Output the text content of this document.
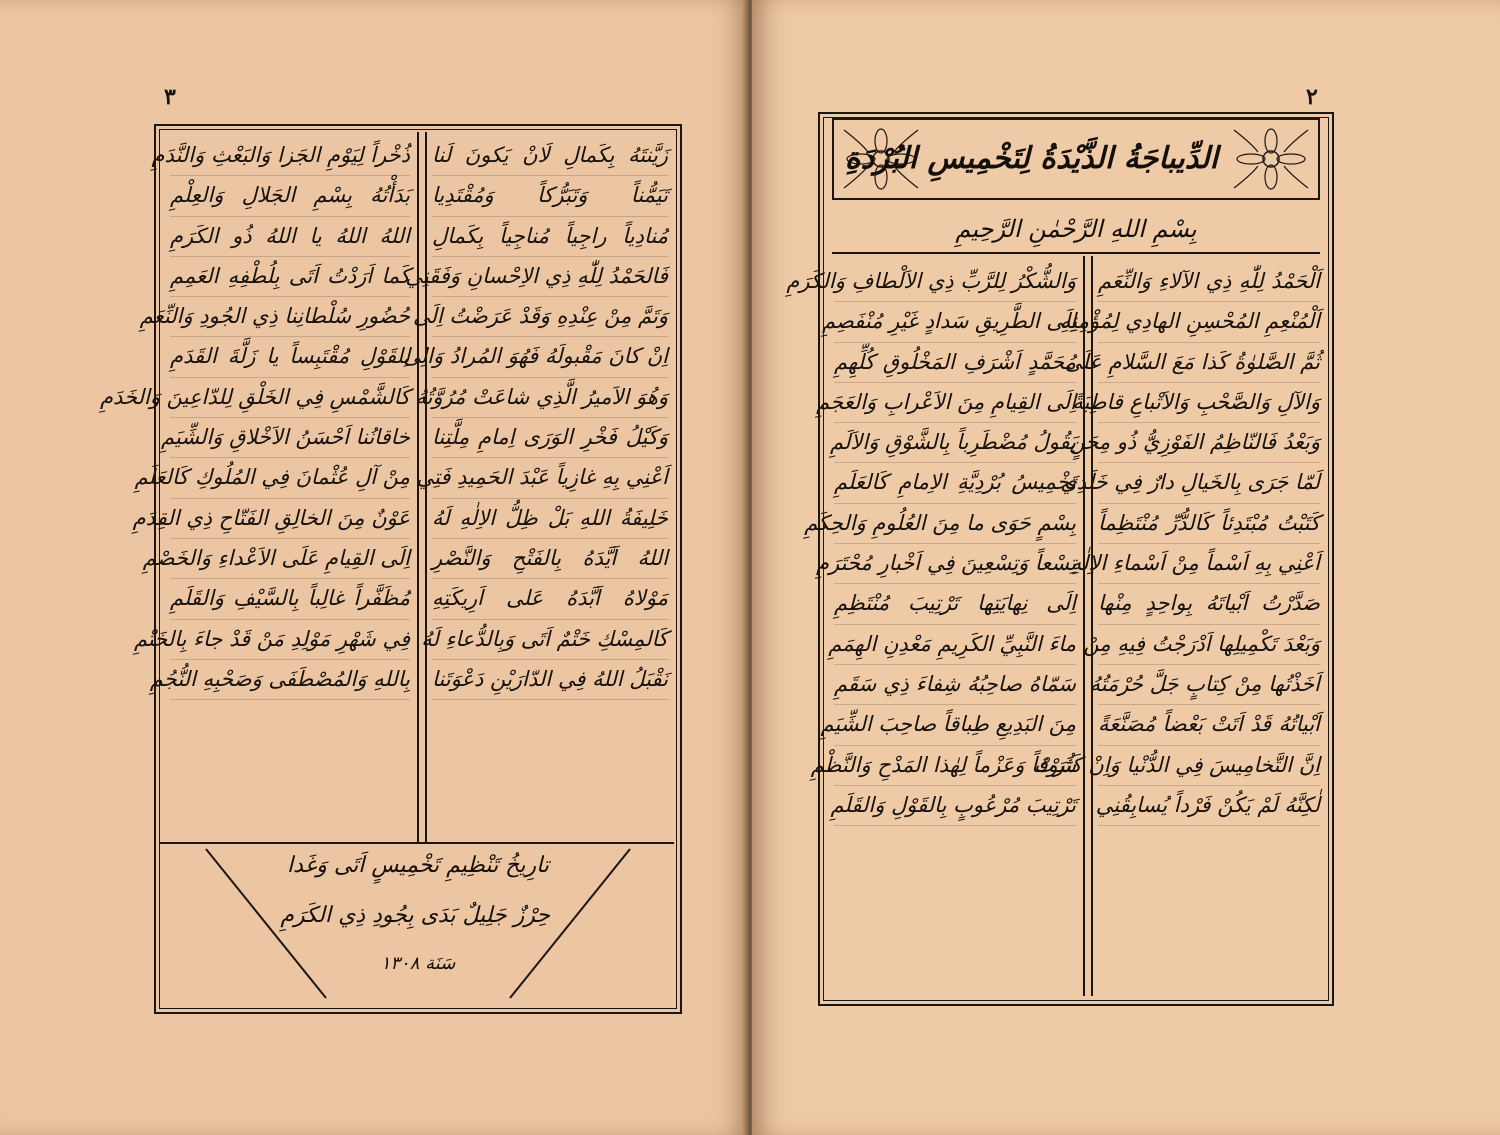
٣	٢
زَيَّنتَهُ بِكَمالِ لَانْ يَكونَ لَنا
تَيَمُّناً وَتَبَرُّكاً وَمُقْتَدِيا
مُنادِياً راجِياً مُناجِياً بِكَمالِ
فَالحَمْدُ لِلّٰهِ ذِي الاِحْسانِ وَفَقَنِي
وَتَمَّ مِنْ عِنْدِهِ وَقَدْ عَرَضْتُ اِلَى
اِنْ كانَ مَقْبولَهُ فَهُوَ المُرادُ وَالِى
وَهُوَ الاَميرُ الَّذِي شاعَتْ مُرُوَّتُهُ
وَكَيْلُ فَخْرِ الوَرَى اِمامِ مِلَّتِنا
اَعْنِي بِهِ غازِياً عَبْدَ الحَمِيدِ فَتِي
خَلِيفَةُ اللهِ بَلْ ظِلُّ الاِلٰهِ لَهُ
اللهُ اَيَّدَهُ بِالفَتْحِ وَالنَّصْرِ
مَوْلاهُ اَبَّدَهُ عَلى اَرِيكَتِهِ
كَالمِسْكِ خَتْمٌ اَتَى وَبِالدُّعاءِ لَهُ
نَقْبَلُ اللهُ فِي الدّارَيْنِ دَعْوَتَنا
ذُخْراً لِيَوْمِ الجَزا وَالبَعْثِ وَالنَّدَمِ
بَدَأْتُهُ بِسْمِ الجَلالِ وَالعِلْمِ
اللهُ اللهُ يا اللهُ ذُو الكَرَمِ
كَما اَرَدْتُ اَتَى بِلُطْفِهِ العَمِمِ
حُضُورِ سُلْطانِنا ذِي الجُودِ وَالنِّعَمِ
لِلقَوْلِ مُقْتَبِساً يا زَلَّةَ القَدَمِ
كَالشَّمْسِ فِي الخَلْقِ لِلدّاعِينَ وَالخَدَمِ
خاقانُنا اَحْسَنُ الاَخْلاقِ وَالشِّيَمِ
مِنْ آلِ عُثْمانَ فِي المُلُوكِ كَالعَلَمِ
عَوْنٌ مِنَ الخالِقِ الفَتّاحِ ذِي القِدَمِ
اِلَى القِيامِ عَلَى الاَعْداءِ وَالخَصْمِ
مُظَفَّراً غالِباً بِالسَّيْفِ وَالقَلَمِ
فِي شَهْرِ مَوْلِدِ مَنْ قَدْ جاءَ بِالخَتْمِ
بِاللهِ وَالمُصْطَفَى وَصَحْبِهِ النُّجُمِ
تارِيخُ تَنْظِيمِ تَخْمِيسٍ اَتَى وَغَدا
حِرْزٌ جَلِيلٌ بَدَى بِجُودِ ذِي الكَرَمِ
سَنَة ١٣٠٨
الدِّيباجَةُ الذَّيْدَةُ لِتَخْمِيسِ البُرْدَةِ
بِسْمِ اللهِ الرَّحْمٰنِ الرَّحِيمِ
اَلْحَمْدُ لِلّٰهِ ذِي الآلاءِ وَالنِّعَمِ
اَلْمُنْعِمِ المُحْسِنِ الهادِي لِمُؤْمِنِهِ
ثُمَّ الصَّلوٰةُ كَذا مَعَ السَّلامِ عَلَى
وَالآلِ وَالصَّحْبِ وَالاَتْباعِ قاطِبَةً
وَبَعْدُ فَالنّاظِمُ الفَوْزِيُّ ذُو مِحَنٍ
لَمّا جَرَى بِالخَيالِ دارٌ فِي خَلَدِي
كَتَبْتُ مُبْتَدِئاً كَالدُّرِّ مُنْتَظِماً
اَعْنِي بِهِ اَسْماً مِنْ اَسْماءِ الاِلٰهِ
صَدَّرْتُ اَبْياتَهُ بِواحِدٍ مِنْها
وَبَعْدَ تَكْمِيلِها اَدْرَجْتُ فِيهِ مِنْ
اَخَذْتُها مِنْ كِتابٍ جَلَّ حُرْمَتُهُ
اَبْياتُهُ قَدْ اَتَتْ بَعْضاً مُصَنَّعَةً
اِنَّ التَّخامِيسَ فِي الدُّنْيا وَاِنْ كَثُرَتْ
لٰكِنَّهُ لَمْ يَكُنْ فَرْداً يُسابِقُنِي
وَالشُّكْرُ لِلرَّبِّ ذِي الاَلْطافِ وَالكَرَمِ
اِلَى الطَّرِيقِ سَدادٍ غَيْرِ مُنْفَصِمِ
مُحَمَّدٍ اَشْرَفِ المَخْلُوقِ كُلِّهِمِ
اِلَى القِيامِ مِنَ الاَعْرابِ وَالعَجَمِ
يَقُولُ مُضْطَرِباً بِالشَّوْقِ وَالاَلَمِ
تَخْمِيسُ بُرْدِيَّةِ الاِمامِ كَالعَلَمِ
بِسْمٍ حَوَى ما مِنَ العُلُومِ وَالحِكَمِ
تِسْعاً وَتِسْعِينَ فِي اَخْبارِ مُحْتَرَمِ
اِلَى نِهايَتِها تَرْتِيبَ مُنْتَظِمِ
ماءَ النَّبِيِّ الكَرِيمِ مَعْدِنِ الهِمَمِ
سَمّاهُ صاحِبُهُ شِفاءَ ذِي سَقَمِ
مِنَ البَدِيعِ طِباقاً صاحِبَ الشِّيَمِ
شَوْقاً وَعَزْماً لِهٰذا المَدْحِ وَالنَّظْمِ
تَرْتِيبَ مُرْعُوبٍ بِالقَوْلِ وَالقَلَمِ
